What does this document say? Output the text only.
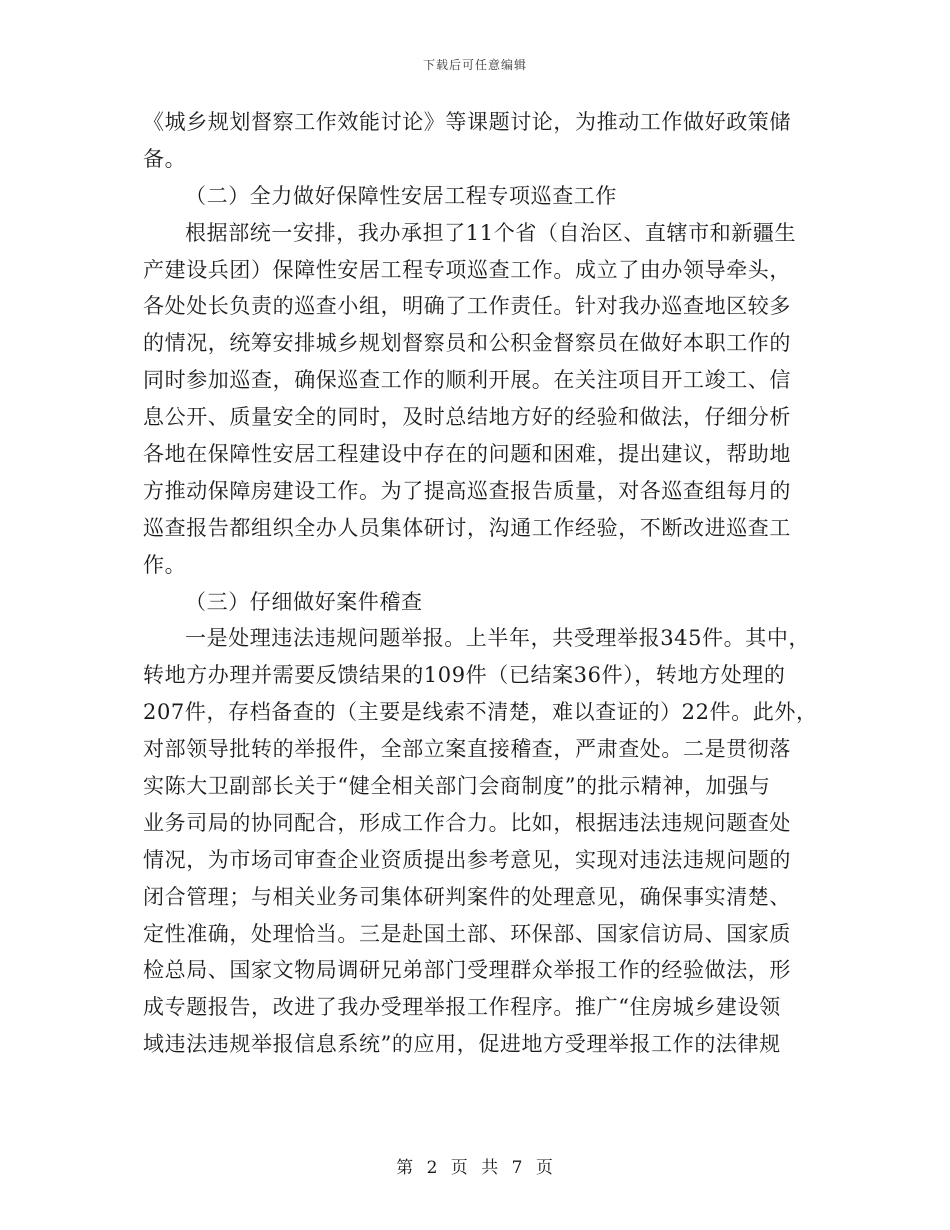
下载后可任意编辑
《城乡规划督察工作效能讨论》等课题讨论，为推动工作做好政策储
备。
（二）全力做好保障性安居工程专项巡查工作
根据部统一安排，我办承担了11个省（自治区、直辖市和新疆生
产建设兵团）保障性安居工程专项巡查工作。成立了由办领导牵头，
各处处长负责的巡查小组，明确了工作责任。针对我办巡查地区较多
的情况，统筹安排城乡规划督察员和公积金督察员在做好本职工作的
同时参加巡查，确保巡查工作的顺利开展。在关注项目开工竣工、信
息公开、质量安全的同时，及时总结地方好的经验和做法，仔细分析
各地在保障性安居工程建设中存在的问题和困难，提出建议，帮助地
方推动保障房建设工作。为了提高巡查报告质量，对各巡查组每月的
巡查报告都组织全办人员集体研讨，沟通工作经验，不断改进巡查工
作。
（三）仔细做好案件稽查
一是处理违法违规问题举报。上半年，共受理举报345件。其中，
转地方办理并需要反馈结果的109件（已结案36件），转地方处理的
207件，存档备查的（主要是线索不清楚，难以查证的）22件。此外，
对部领导批转的举报件，全部立案直接稽查，严肃查处。二是贯彻落
实陈大卫副部长关于“健全相关部门会商制度”的批示精神，加强与
业务司局的协同配合，形成工作合力。比如，根据违法违规问题查处
情况，为市场司审查企业资质提出参考意见，实现对违法违规问题的
闭合管理；与相关业务司集体研判案件的处理意见，确保事实清楚、
定性准确，处理恰当。三是赴国土部、环保部、国家信访局、国家质
检总局、国家文物局调研兄弟部门受理群众举报工作的经验做法，形
成专题报告，改进了我办受理举报工作程序。推广“住房城乡建设领
域违法违规举报信息系统”的应用，促进地方受理举报工作的法律规
第 2 页 共 7 页
